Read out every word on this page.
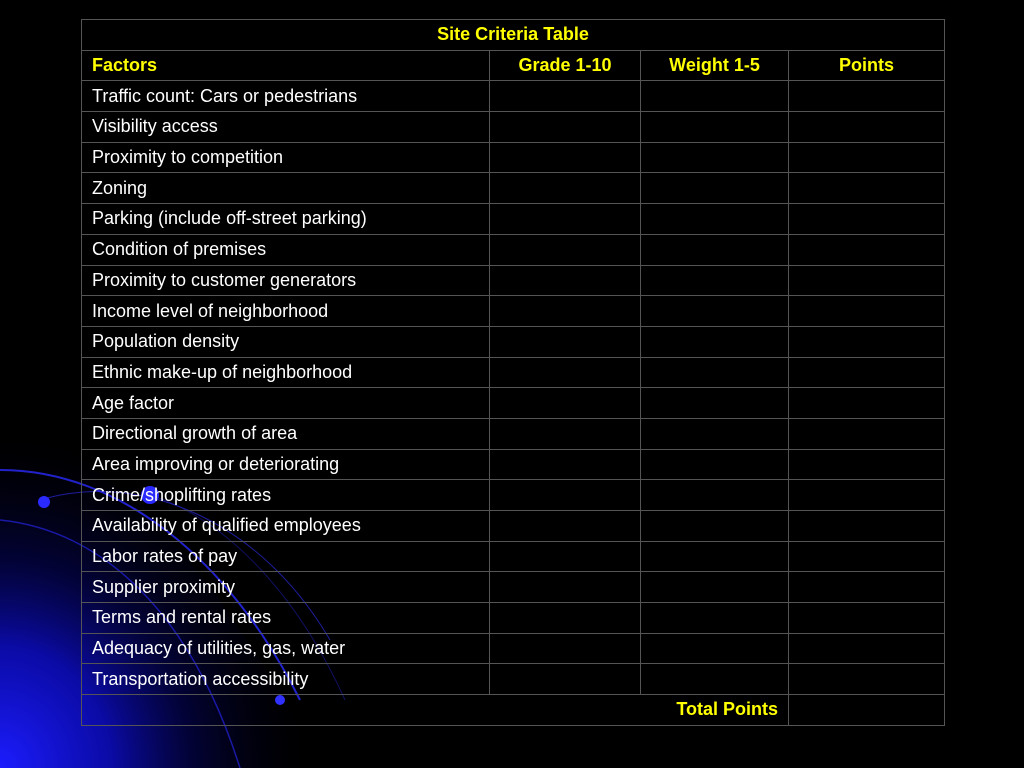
Site Criteria Table			
Factors	Grade 1-10	Weight 1-5	Points
Traffic count: Cars or pedestrians			
Visibility access			
Proximity to competition			
Zoning			
Parking (include off-street parking)			
Condition of premises			
Proximity to customer generators			
Income level of neighborhood			
Population density			
Ethnic make-up of neighborhood			
Age factor			
Directional growth of area			
Area improving or deteriorating			
Crime/shoplifting rates			
Availability of qualified employees			
Labor rates of pay			
Supplier proximity			
Terms and rental rates			
Adequacy of utilities, gas, water			
Transportation accessibility			
Total Points			
